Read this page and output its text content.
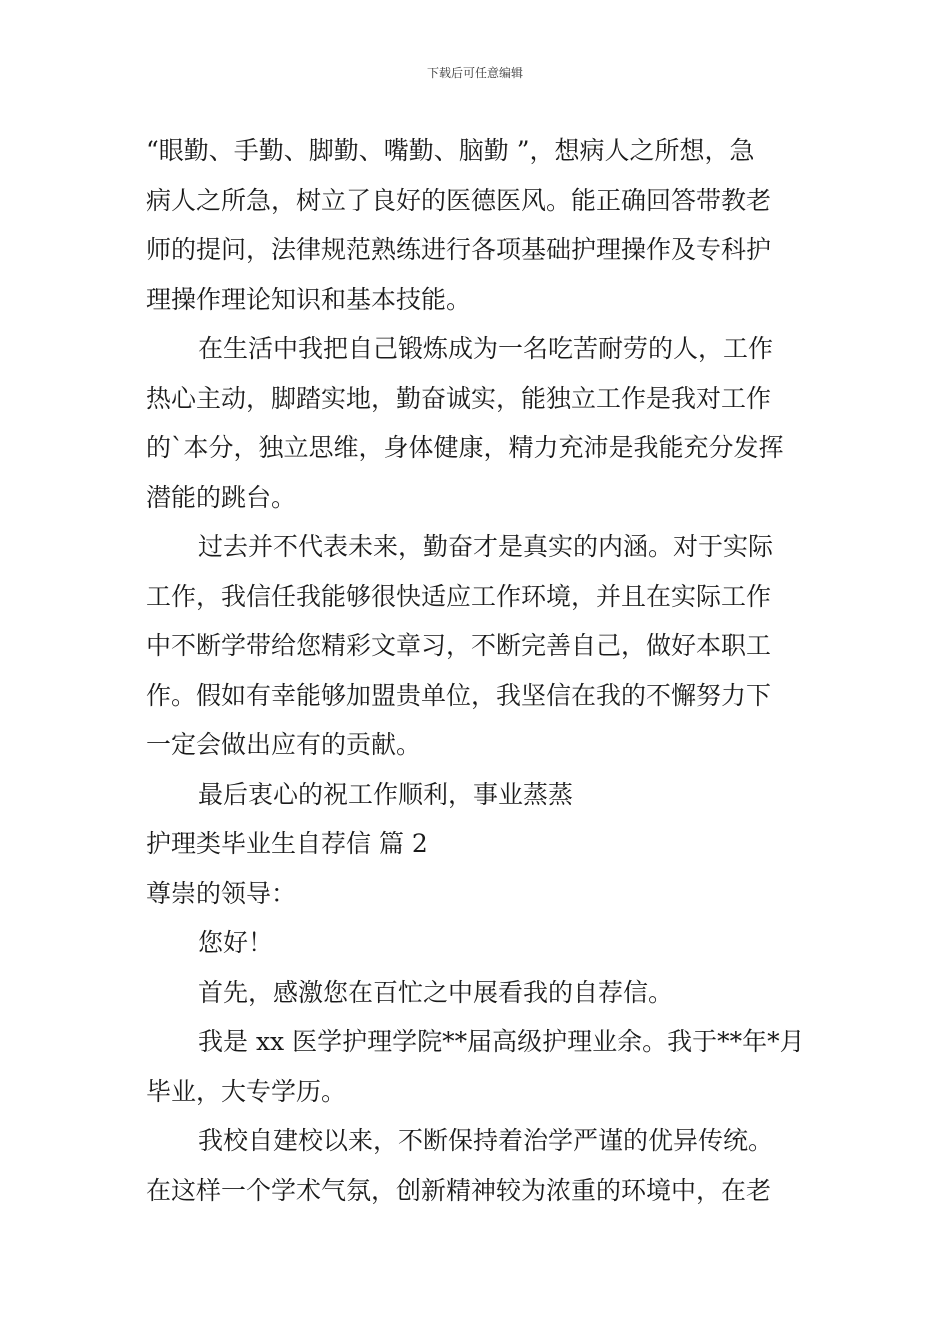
下载后可任意编辑
“眼勤、手勤、脚勤、嘴勤、脑勤 ”，想病人之所想，急
病人之所急，树立了良好的医德医风。能正确回答带教老
师的提问，法律规范熟练进行各项基础护理操作及专科护
理操作理论知识和基本技能。
在生活中我把自己锻炼成为一名吃苦耐劳的人，工作
热心主动，脚踏实地，勤奋诚实，能独立工作是我对工作
的`本分，独立思维，身体健康，精力充沛是我能充分发挥
潜能的跳台。
过去并不代表未来，勤奋才是真实的内涵。对于实际
工作，我信任我能够很快适应工作环境，并且在实际工作
中不断学带给您精彩文章习，不断完善自己，做好本职工
作。假如有幸能够加盟贵单位，我坚信在我的不懈努力下
一定会做出应有的贡献。
最后衷心的祝工作顺利，事业蒸蒸
护理类毕业生自荐信 篇 2
尊崇的领导：
您好！
首先，感激您在百忙之中展看我的自荐信。
我是 xx 医学护理学院**届高级护理业余。我于**年*月
毕业，大专学历。
我校自建校以来，不断保持着治学严谨的优异传统。
在这样一个学术气氛，创新精神较为浓重的环境中，在老
